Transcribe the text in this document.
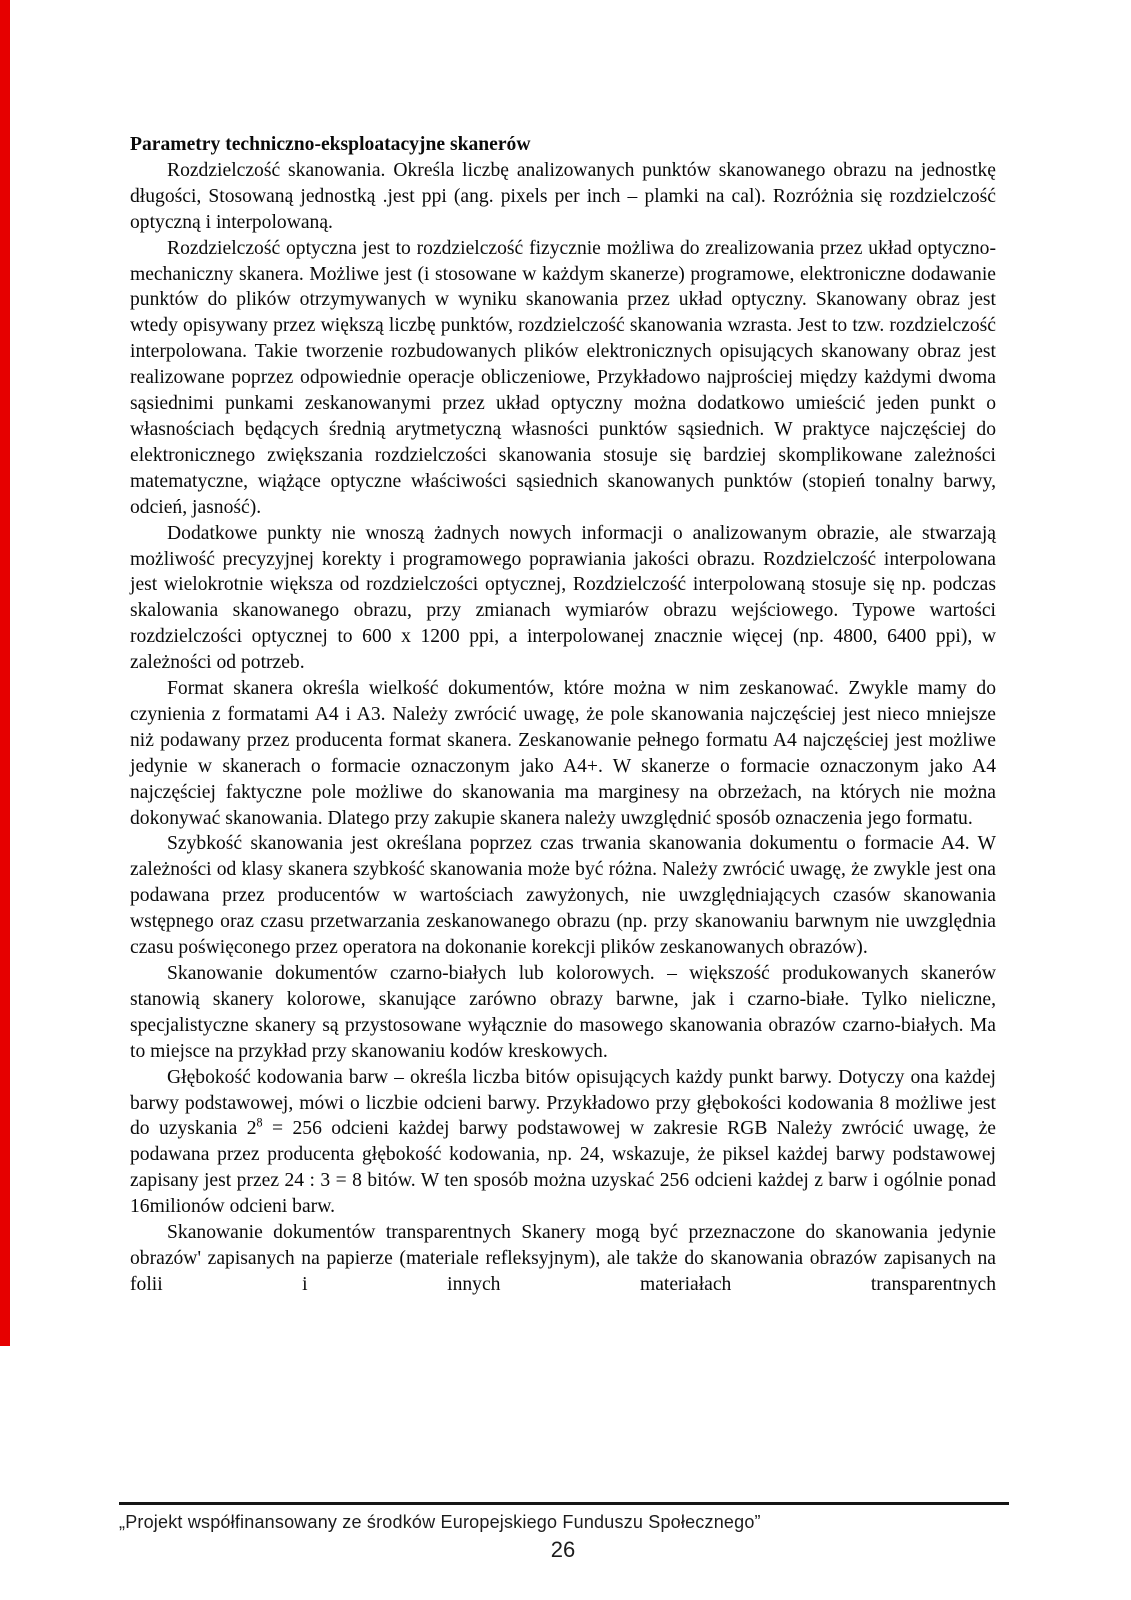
Parametry techniczno-eksploatacyjne skanerów

Rozdzielczość skanowania. Określa liczbę analizowanych punktów skanowanego obrazu na jednostkę długości, Stosowaną jednostką .jest ppi (ang. pixels per inch – plamki na cal). Rozróżnia się rozdzielczość optyczną i interpolowaną.

Rozdzielczość optyczna jest to rozdzielczość fizycznie możliwa do zrealizowania przez układ optyczno-mechaniczny skanera. Możliwe jest (i stosowane w każdym skanerze) programowe, elektroniczne dodawanie punktów do plików otrzymywanych w wyniku skanowania przez układ optyczny. Skanowany obraz jest wtedy opisywany przez większą liczbę punktów, rozdzielczość skanowania wzrasta. Jest to tzw. rozdzielczość interpolowana. Takie tworzenie rozbudowanych plików elektronicznych opisujących skanowany obraz jest realizowane poprzez odpowiednie operacje obliczeniowe, Przykładowo najprościej między każdymi dwoma sąsiednimi punkami zeskanowanymi przez układ optyczny można dodatkowo umieścić jeden punkt o własnościach będących średnią arytmetyczną własności punktów sąsiednich. W praktyce najczęściej do elektronicznego zwiększania rozdzielczości skanowania stosuje się bardziej skomplikowane zależności matematyczne, wiążące optyczne właściwości sąsiednich skanowanych punktów (stopień tonalny barwy, odcień, jasność).

Dodatkowe punkty nie wnoszą żadnych nowych informacji o analizowanym obrazie, ale stwarzają możliwość precyzyjnej korekty i programowego poprawiania jakości obrazu. Rozdzielczość interpolowana jest wielokrotnie większa od rozdzielczości optycznej, Rozdzielczość interpolowaną stosuje się np. podczas skalowania skanowanego obrazu, przy zmianach wymiarów obrazu wejściowego. Typowe wartości rozdzielczości optycznej to 600 x 1200 ppi, a interpolowanej znacznie więcej (np. 4800, 6400 ppi), w zależności od potrzeb.

Format skanera określa wielkość dokumentów, które można w nim zeskanować. Zwykle mamy do czynienia z formatami A4 i A3. Należy zwrócić uwagę, że pole skanowania najczęściej jest nieco mniejsze niż podawany przez producenta format skanera. Zeskanowanie pełnego formatu A4 najczęściej jest możliwe jedynie w skanerach o formacie oznaczonym jako A4+. W skanerze o formacie oznaczonym jako A4 najczęściej faktyczne pole możliwe do skanowania ma marginesy na obrzeżach, na których nie można dokonywać skanowania. Dlatego przy zakupie skanera należy uwzględnić sposób oznaczenia jego formatu.

Szybkość skanowania jest określana poprzez czas trwania skanowania dokumentu o formacie A4. W zależności od klasy skanera szybkość skanowania może być różna. Należy zwrócić uwagę, że zwykle jest ona podawana przez producentów w wartościach zawyżonych, nie uwzględniających czasów skanowania wstępnego oraz czasu przetwarzania zeskanowanego obrazu (np. przy skanowaniu barwnym nie uwzględnia czasu poświęconego przez operatora na dokonanie korekcji plików zeskanowanych obrazów).

Skanowanie dokumentów czarno-białych lub kolorowych. – większość produkowanych skanerów stanowią skanery kolorowe, skanujące zarówno obrazy barwne, jak i czarno-białe. Tylko nieliczne, specjalistyczne skanery są przystosowane wyłącznie do masowego skanowania obrazów czarno-białych. Ma to miejsce na przykład przy skanowaniu kodów kreskowych.

Głębokość kodowania barw – określa liczba bitów opisujących każdy punkt barwy. Dotyczy ona każdej barwy podstawowej, mówi o liczbie odcieni barwy. Przykładowo przy głębokości kodowania 8 możliwe jest do uzyskania $2^8 = 256$ odcieni każdej barwy podstawowej w zakresie RGB Należy zwrócić uwagę, że podawana przez producenta głębokość kodowania, np. 24, wskazuje, że piksel każdej barwy podstawowej zapisany jest przez 24 : 3 = 8 bitów. W ten sposób można uzyskać 256 odcieni każdej z barw i ogólnie ponad 16milionów odcieni barw.

Skanowanie dokumentów transparentnych Skanery mogą być przeznaczone do skanowania jedynie obrazów' zapisanych na papierze (materiale refleksyjnym), ale także do skanowania obrazów zapisanych na folii i innych materiałach transparentnych

„Projekt współfinansowany ze środków Europejskiego Funduszu Społecznego”
26
